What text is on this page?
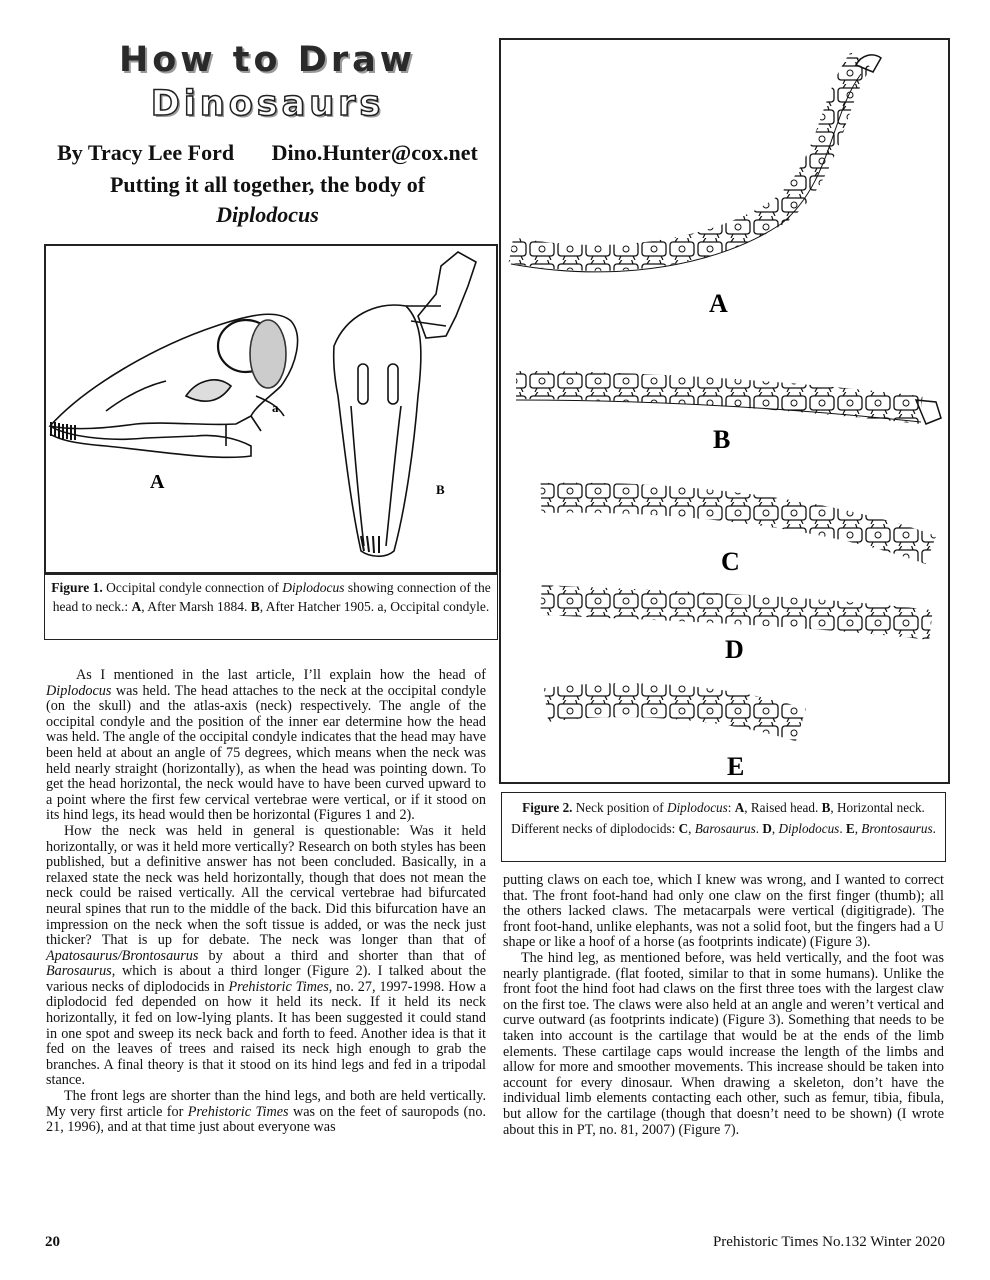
How to Draw
Dinosaurs
By Tracy Lee Ford Dino.Hunter@cox.net
Putting it all together, the body of
Diplodocus
a
A	B
Figure 1. Occipital condyle connection of Diplodocus showing connection of the head to neck.: A, After Marsh 1884. B, After Hatcher 1905. a, Occipital condyle.
A
B
C
D
E
Figure 2. Neck position of Diplodocus: A, Raised head. B, Horizontal neck. Different necks of diplodocids: C, Barosaurus. D, Diplodocus. E, Brontosaurus.

As I mentioned in the last article, I’ll explain how the head of Diplodocus was held. The head attaches to the neck at the occipital condyle (on the skull) and the atlas-axis (neck) respectively. The angle of the occipital condyle and the position of the inner ear determine how the head was held. The angle of the occipital condyle indicates that the head may have been held at about an angle of 75 degrees, which means when the neck was held nearly straight (horizontally), as when the head was pointing down. To get the head horizontal, the neck would have to have been curved upward to a point where the first few cervical vertebrae were vertical, or if it stood on its hind legs, its head would then be horizontal (Figures 1 and 2).

How the neck was held in general is questionable: Was it held horizontally, or was it held more vertically? Research on both styles has been published, but a definitive answer has not been concluded. Basically, in a relaxed state the neck was held horizontally, though that does not mean the neck could be raised vertically. All the cervical vertebrae had bifurcated neural spines that run to the middle of the back. Did this bifurcation have an impression on the neck when the soft tissue is added, or was the neck just thicker? That is up for debate. The neck was longer than that of Apatosaurus/Brontosaurus by about a third and shorter than that of Barosaurus, which is about a third longer (Figure 2). I talked about the various necks of diplodocids in Prehistoric Times, no. 27, 1997-1998. How a diplodocid fed depended on how it held its neck. If it held its neck horizontally, it fed on low-lying plants. It has been suggested it could stand in one spot and sweep its neck back and forth to feed. Another idea is that it fed on the leaves of trees and raised its neck high enough to grab the branches. A final theory is that it stood on its hind legs and fed in a tripodal stance.

The front legs are shorter than the hind legs, and both are held vertically. My very first article for Prehistoric Times was on the feet of sauropods (no. 21, 1996), and at that time just about everyone was

putting claws on each toe, which I knew was wrong, and I wanted to correct that. The front foot-hand had only one claw on the first finger (thumb); all the others lacked claws. The metacarpals were vertical (digitigrade). The front foot-hand, unlike elephants, was not a solid foot, but the fingers had a U shape or like a hoof of a horse (as footprints indicate) (Figure 3).

The hind leg, as mentioned before, was held vertically, and the foot was nearly plantigrade. (flat footed, similar to that in some humans). Unlike the front foot the hind foot had claws on the first three toes with the largest claw on the first toe. The claws were also held at an angle and weren’t vertical and curve outward (as footprints indicate) (Figure 3). Something that needs to be taken into account is the cartilage that would be at the ends of the limb elements. These cartilage caps would increase the length of the limbs and allow for more and smoother movements. This increase should be taken into account for every dinosaur. When drawing a skeleton, don’t have the individual limb elements contacting each other, such as femur, tibia, fibula, but allow for the cartilage (though that doesn’t need to be shown) (I wrote about this in PT, no. 81, 2007) (Figure 7).

20	Prehistoric Times No.132 Winter 2020
